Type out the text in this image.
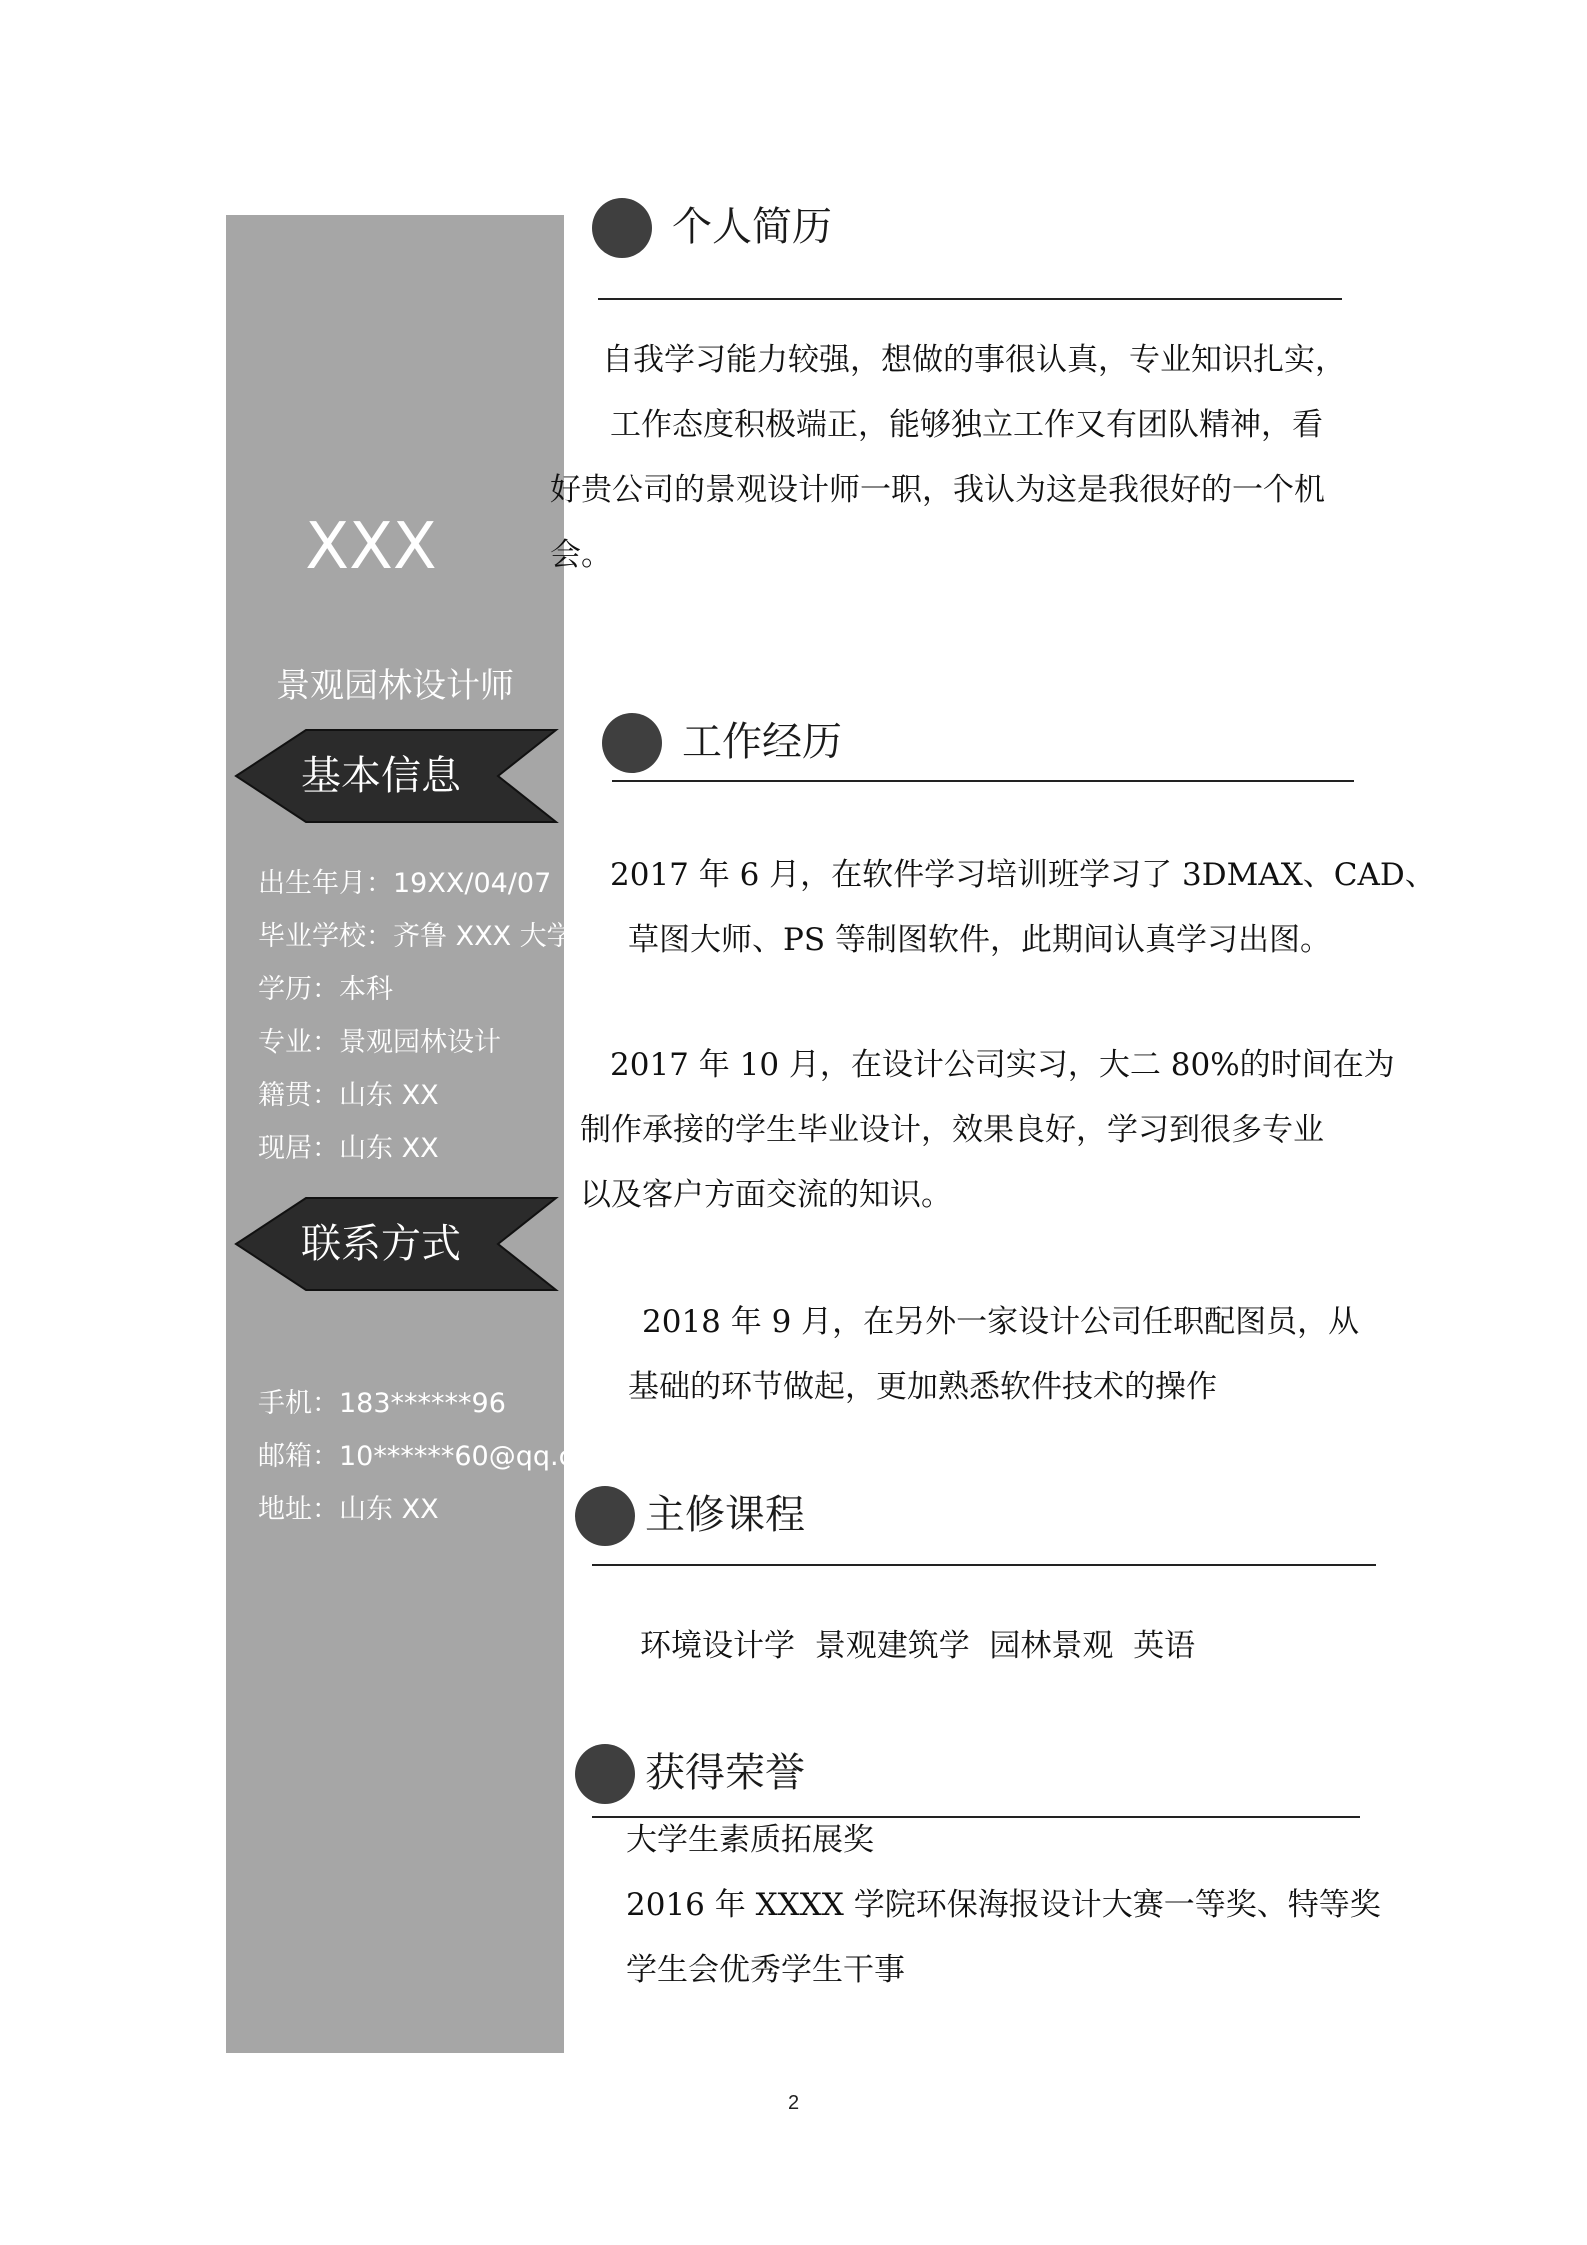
XXX
景观园林设计师
基本信息
出生年月：19XX/04/07
毕业学校：齐鲁 XXX 大学
学历：本科
专业：景观园林设计
籍贯：山东 XX
现居：山东 XX
联系方式
手机：183******96
邮箱：10******60@qq.com
地址：山东 XX
个人简历
自我学习能力较强，想做的事很认真，专业知识扎实，
工作态度积极端正，能够独立工作又有团队精神，看
好贵公司的景观设计师一职，我认为这是我很好的一个机
会。
工作经历
2017 年 6 月，在软件学习培训班学习了 3DMAX、CAD、
草图大师、PS 等制图软件，此期间认真学习出图。
2017 年 10 月，在设计公司实习，大二 80%的时间在为
制作承接的学生毕业设计，效果良好，学习到很多专业
以及客户方面交流的知识。
2018 年 9 月，在另外一家设计公司任职配图员，从
基础的环节做起，更加熟悉软件技术的操作
主修课程
环境设计学  景观建筑学  园林景观  英语
获得荣誉
大学生素质拓展奖
2016 年 XXXX 学院环保海报设计大赛一等奖、特等奖
学生会优秀学生干事
2
